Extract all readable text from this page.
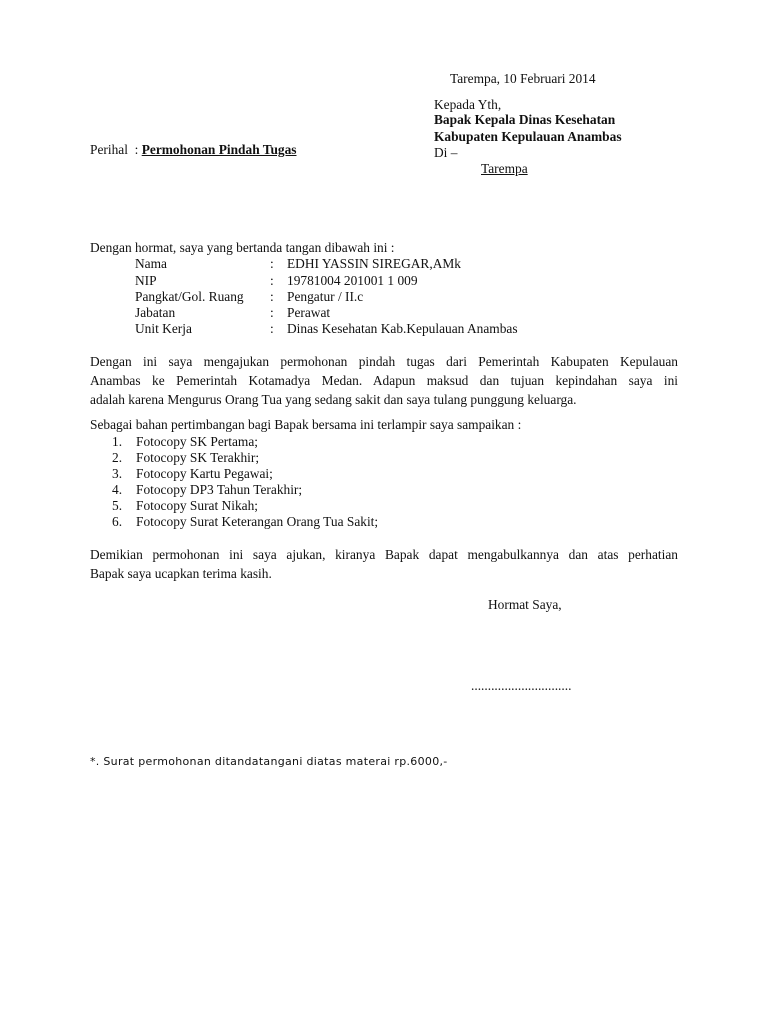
Tarempa, 10 Februari 2014
Kepada Yth,
Bapak Kepala Dinas Kesehatan
Kabupaten Kepulauan Anambas
Di –
Tarempa
Perihal  : Permohonan Pindah Tugas
Dengan hormat, saya yang bertanda tangan dibawah ini :
Nama	: EDHI YASSIN SIREGAR,AMk
NIP	: 19781004 201001 1 009
Pangkat/Gol. Ruang : Pengatur / II.c
Jabatan	: Perawat
Unit Kerja	: Dinas Kesehatan Kab.Kepulauan Anambas
Dengan ini saya mengajukan permohonan pindah tugas dari Pemerintah Kabupaten Kepulauan
Anambas ke Pemerintah Kotamadya Medan. Adapun maksud dan tujuan kepindahan saya ini
adalah karena Mengurus Orang Tua yang sedang sakit dan saya tulang punggung keluarga.
Sebagai bahan pertimbangan bagi Bapak bersama ini terlampir saya sampaikan :
1. Fotocopy SK Pertama;
2. Fotocopy SK Terakhir;
3. Fotocopy Kartu Pegawai;
4. Fotocopy DP3 Tahun Terakhir;
5. Fotocopy Surat Nikah;
6. Fotocopy Surat Keterangan Orang Tua Sakit;
Demikian permohonan ini saya ajukan, kiranya Bapak dapat mengabulkannya dan atas perhatian
Bapak saya ucapkan terima kasih.
Hormat Saya,
..............................
*. Surat permohonan ditandatangani diatas materai rp.6000,-
